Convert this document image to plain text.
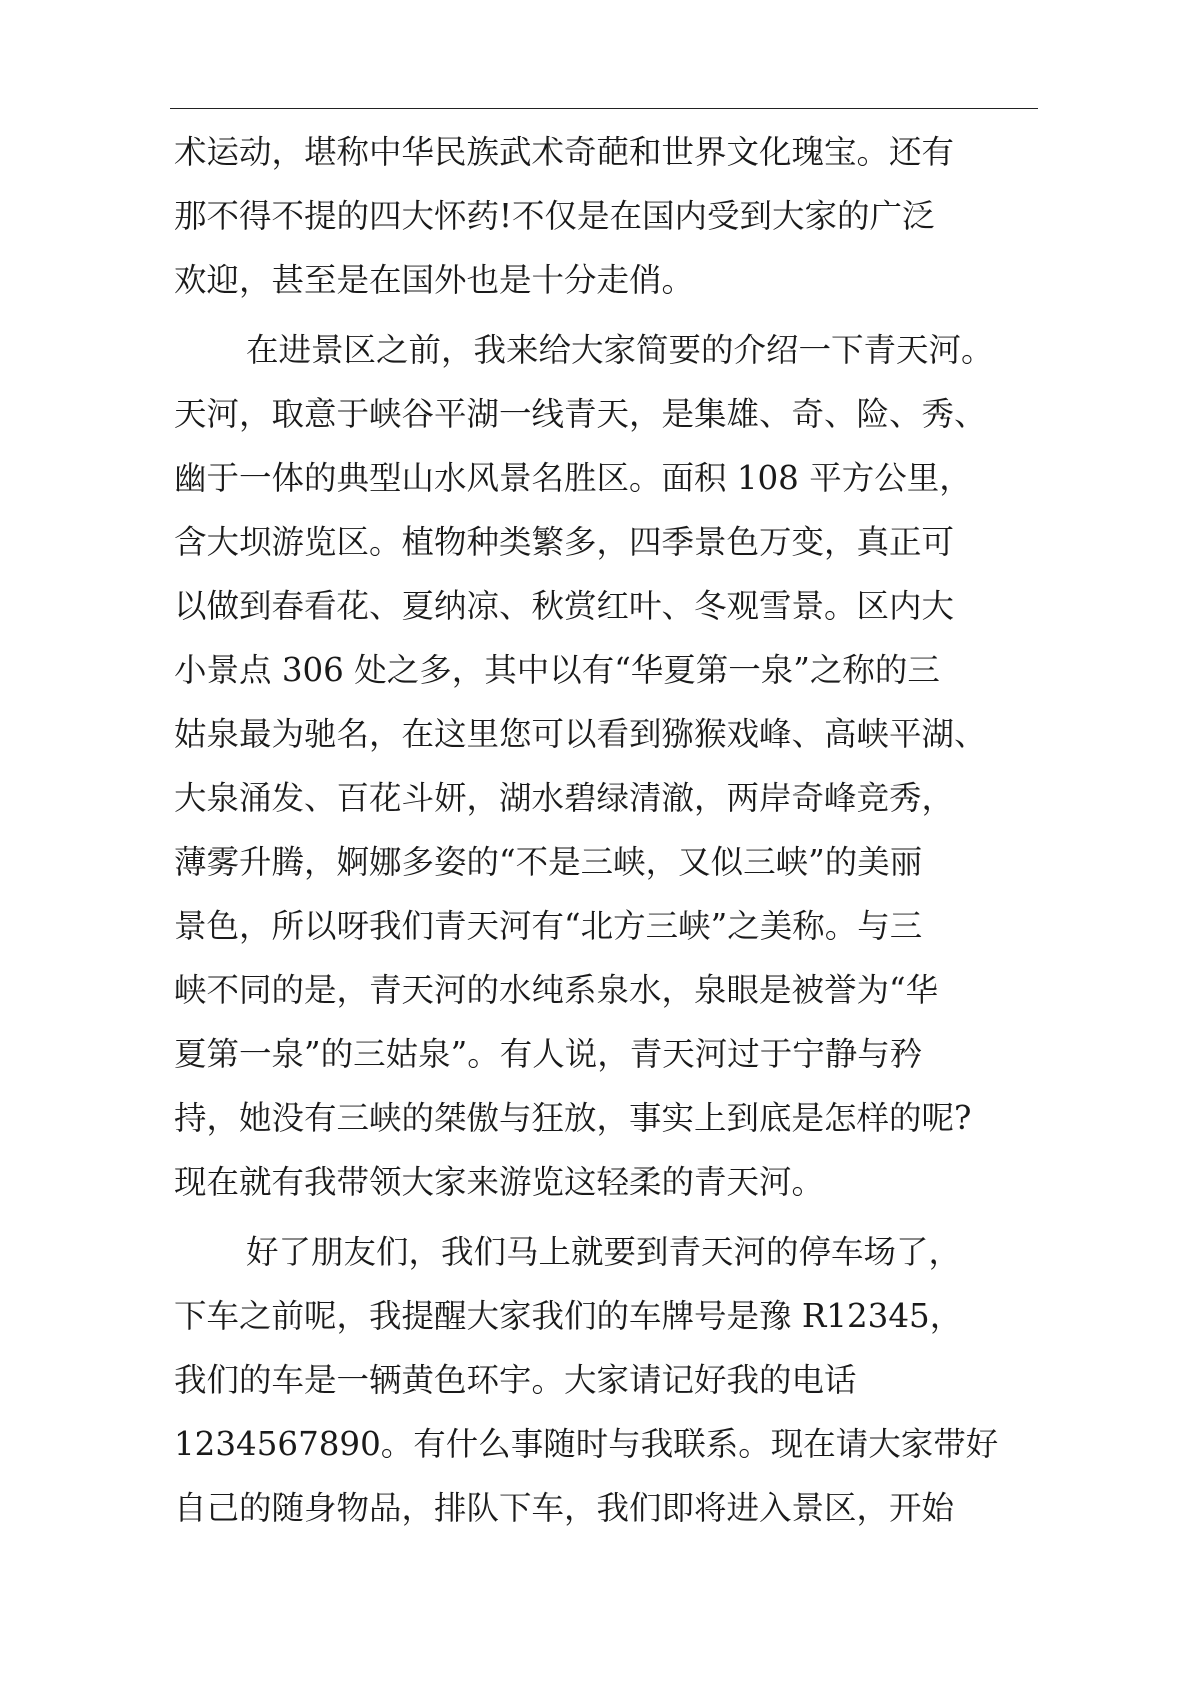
术运动，堪称中华民族武术奇葩和世界文化瑰宝。还有
那不得不提的四大怀药!不仅是在国内受到大家的广泛
欢迎，甚至是在国外也是十分走俏。
在进景区之前，我来给大家简要的介绍一下青天河。
天河，取意于峡谷平湖一线青天，是集雄、奇、险、秀、
幽于一体的典型山水风景名胜区。面积 108 平方公里，
含大坝游览区。植物种类繁多，四季景色万变，真正可
以做到春看花、夏纳凉、秋赏红叶、冬观雪景。区内大
小景点 306 处之多，其中以有“华夏第一泉”之称的三
姑泉最为驰名，在这里您可以看到猕猴戏峰、高峡平湖、
大泉涌发、百花斗妍，湖水碧绿清澈，两岸奇峰竞秀，
薄雾升腾，婀娜多姿的“不是三峡，又似三峡”的美丽
景色，所以呀我们青天河有“北方三峡”之美称。与三
峡不同的是，青天河的水纯系泉水，泉眼是被誉为“华
夏第一泉”的三姑泉”。有人说，青天河过于宁静与矜
持，她没有三峡的桀傲与狂放，事实上到底是怎样的呢?
现在就有我带领大家来游览这轻柔的青天河。
好了朋友们，我们马上就要到青天河的停车场了，
下车之前呢，我提醒大家我们的车牌号是豫 R12345，
我们的车是一辆黄色环宇。大家请记好我的电话
1234567890。有什么事随时与我联系。现在请大家带好
自己的随身物品，排队下车，我们即将进入景区，开始
